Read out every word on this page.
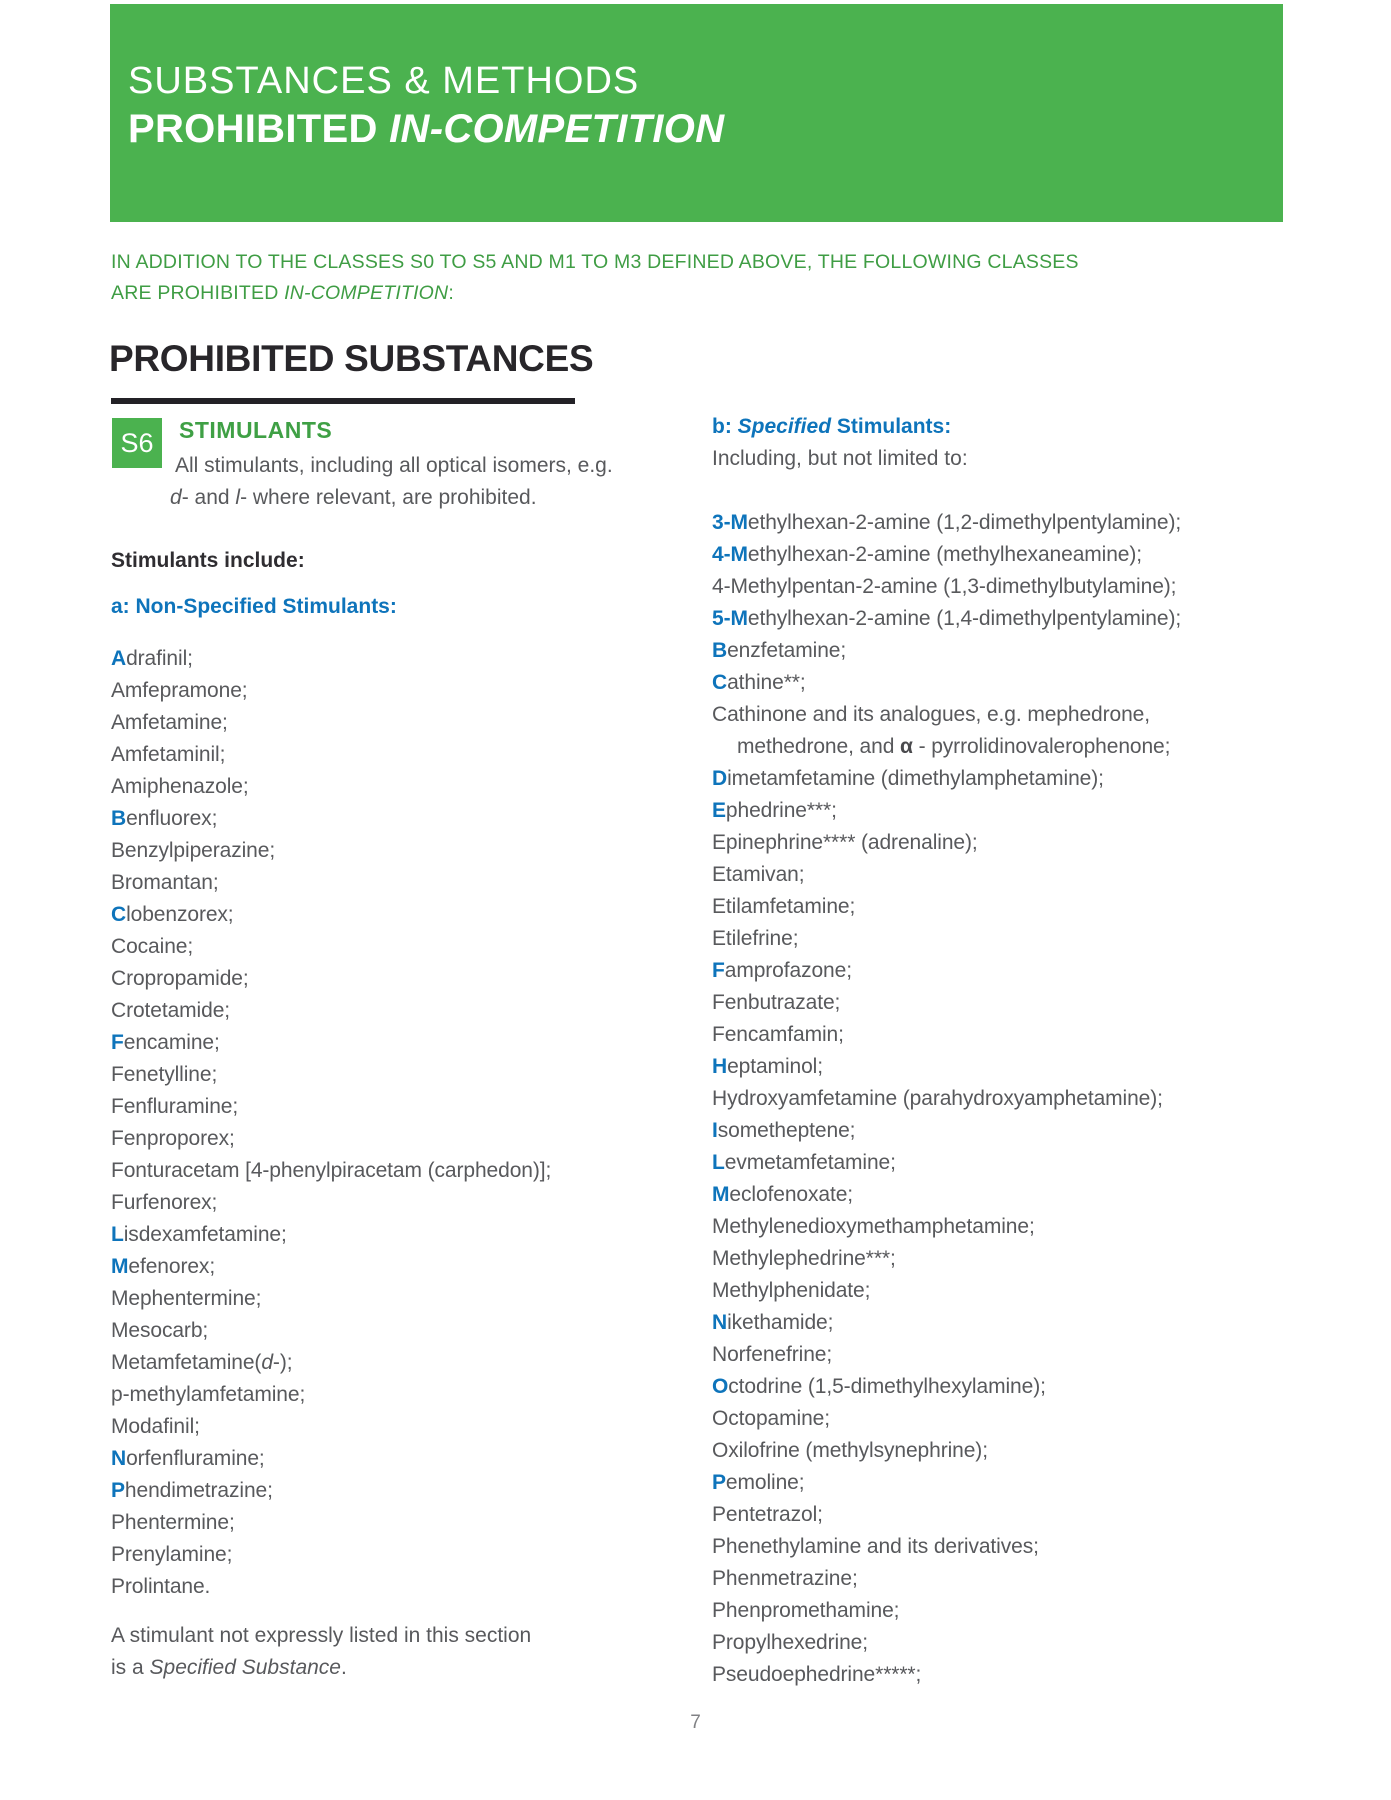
SUBSTANCES & METHODS
PROHIBITED IN-COMPETITION

IN ADDITION TO THE CLASSES S0 TO S5 AND M1 TO M3 DEFINED ABOVE, THE FOLLOWING CLASSES
ARE PROHIBITED IN-COMPETITION:

PROHIBITED SUBSTANCES
S6	STIMULANTS
All stimulants, including all optical isomers, e.g.
d- and l- where relevant, are prohibited.
Stimulants include:
a: Non-Specified Stimulants:
Adrafinil;
Amfepramone;
Amfetamine;
Amfetaminil;
Amiphenazole;
Benfluorex;
Benzylpiperazine;
Bromantan;
Clobenzorex;
Cocaine;
Cropropamide;
Crotetamide;
Fencamine;
Fenetylline;
Fenfluramine;
Fenproporex;
Fonturacetam [4-phenylpiracetam (carphedon)];
Furfenorex;
Lisdexamfetamine;
Mefenorex;
Mephentermine;
Mesocarb;
Metamfetamine(d-);
p-methylamfetamine;
Modafinil;
Norfenfluramine;
Phendimetrazine;
Phentermine;
Prenylamine;
Prolintane.
A stimulant not expressly listed in this section
is a Specified Substance.
b: Specified Stimulants:
Including, but not limited to:
3-Methylhexan-2-amine (1,2-dimethylpentylamine);
4-Methylhexan-2-amine (methylhexaneamine);
4-Methylpentan-2-amine (1,3-dimethylbutylamine);
5-Methylhexan-2-amine (1,4-dimethylpentylamine);
Benzfetamine;
Cathine**;
Cathinone and its analogues, e.g. mephedrone,
methedrone, and α - pyrrolidinovalerophenone;
Dimetamfetamine (dimethylamphetamine);
Ephedrine***;
Epinephrine**** (adrenaline);
Etamivan;
Etilamfetamine;
Etilefrine;
Famprofazone;
Fenbutrazate;
Fencamfamin;
Heptaminol;
Hydroxyamfetamine (parahydroxyamphetamine);
Isometheptene;
Levmetamfetamine;
Meclofenoxate;
Methylenedioxymethamphetamine;
Methylephedrine***;
Methylphenidate;
Nikethamide;
Norfenefrine;
Octodrine (1,5-dimethylhexylamine);
Octopamine;
Oxilofrine (methylsynephrine);
Pemoline;
Pentetrazol;
Phenethylamine and its derivatives;
Phenmetrazine;
Phenpromethamine;
Propylhexedrine;
Pseudoephedrine*****;
7
